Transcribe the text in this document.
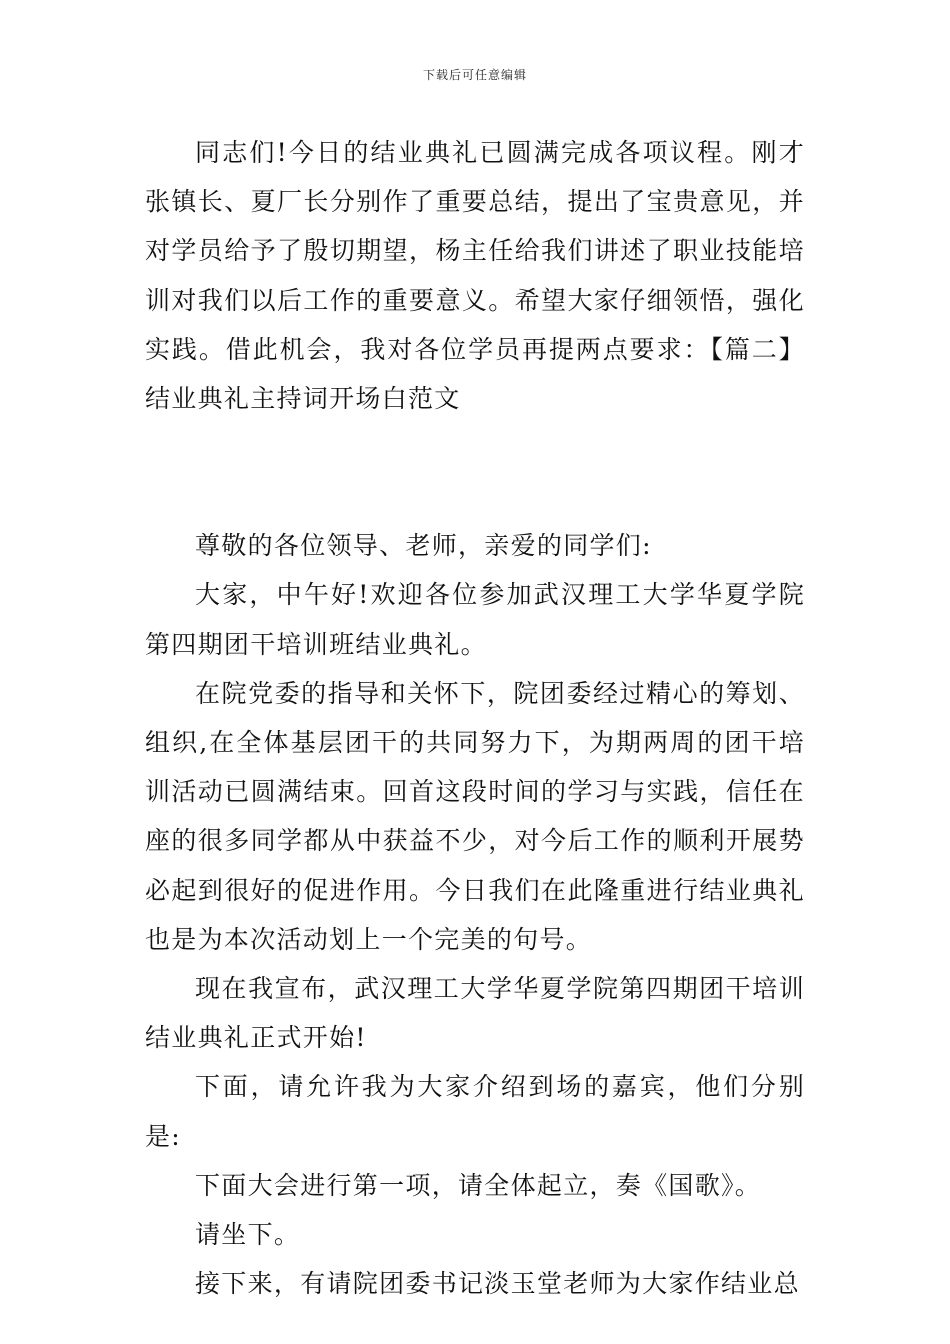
下载后可任意编辑

同志们!今日的结业典礼已圆满完成各项议程。刚才张镇长、夏厂长分别作了重要总结，提出了宝贵意见，并对学员给予了殷切期望，杨主任给我们讲述了职业技能培训对我们以后工作的重要意义。希望大家仔细领悟，强化实践。借此机会，我对各位学员再提两点要求：【篇二】结业典礼主持词开场白范文

尊敬的各位领导、老师，亲爱的同学们:

大家，中午好!欢迎各位参加武汉理工大学华夏学院第四期团干培训班结业典礼。

在院党委的指导和关怀下，院团委经过精心的筹划、组织,在全体基层团干的共同努力下，为期两周的团干培训活动已圆满结束。回首这段时间的学习与实践，信任在座的很多同学都从中获益不少，对今后工作的顺利开展势必起到很好的促进作用。今日我们在此隆重进行结业典礼也是为本次活动划上一个完美的句号。

现在我宣布，武汉理工大学华夏学院第四期团干培训结业典礼正式开始!

下面，请允许我为大家介绍到场的嘉宾，他们分别是:

下面大会进行第一项，请全体起立，奏《国歌》。

请坐下。

接下来，有请院团委书记淡玉堂老师为大家作结业总
